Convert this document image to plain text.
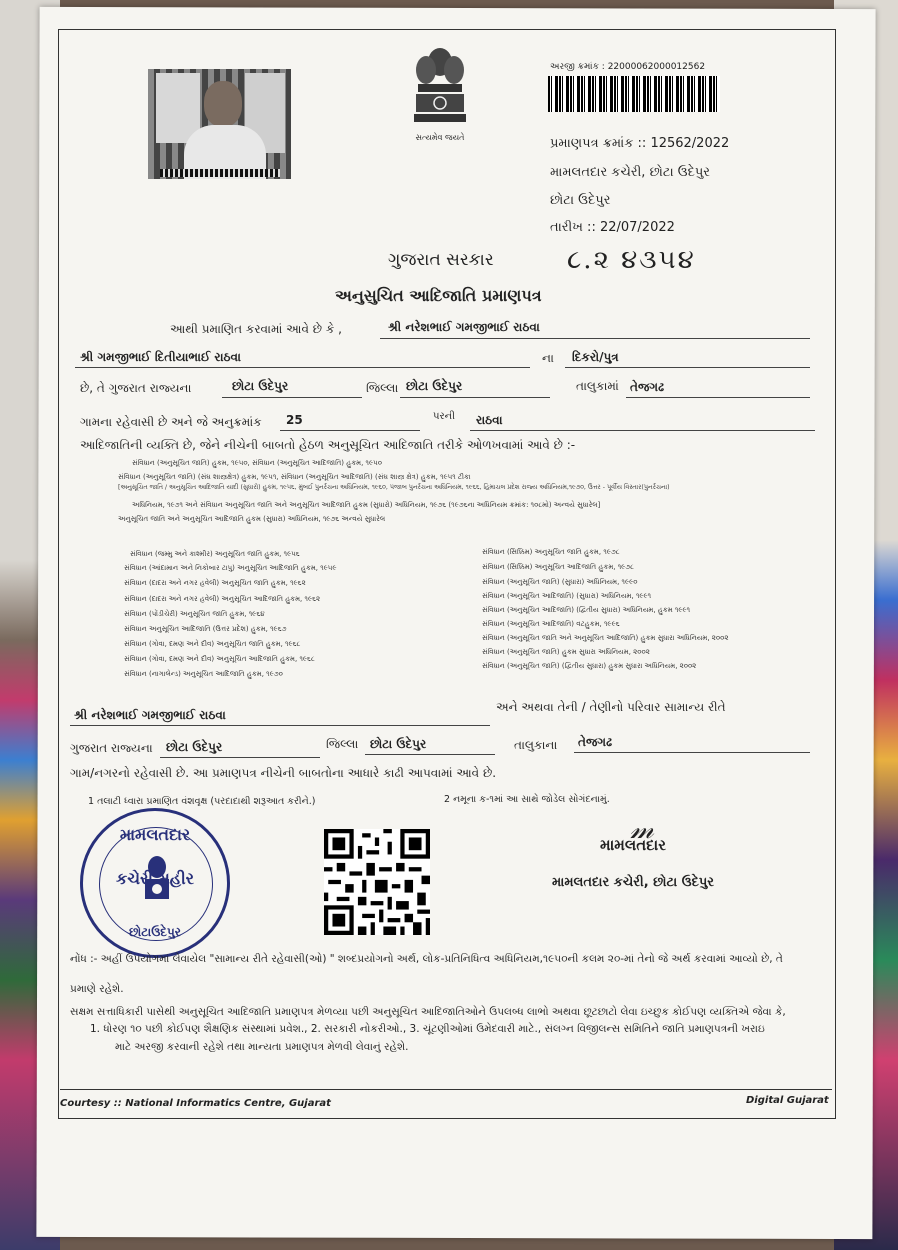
સત્યમેવ જયતે
અરજી ક્રમાંક : 22000062000012562
પ્રમાણપત્ર ક્રમાંક :: 12562/2022
મામલતદાર કચેરી, છોટા ઉદેપુર
છોટા ઉદેપુર
તારીખ :: 22/07/2022
ગુજરાત સરકાર	૮.૨ ૪૩૫૪
અનુસુચિત આદિજાતિ પ્રમાણપત્ર
આથી પ્રમાણિત કરવામાં આવે છે કે ,	શ્રી નરેશભાઈ ગમજીભાઈ રાઠવા
શ્રી ગમજીભાઈ દિતીયાભાઈ રાઠવા	ના દિકરો/પુત્ર
છે, તે ગુજરાત રાજ્યના	છોટા ઉદેપુર	જિલ્લા છોટા ઉદેપુર	તાલુકામાં તેજગઢ
ગામના રહેવાસી છે અને જે અનુક્રમાંક 25	પરની રાઠવા
આદિજાતિની વ્યક્તિ છે, જેને નીચેની બાબતો હેઠળ અનુસૂચિત આદિજાતિ તરીકે ઓળખવામાં આવે છે :-
સંવિધાન (અનુસૂચિત જાતિ) હુકમ, ૧૯૫૦, સંવિધાન (અનુસૂચિત આદિજાતિ) હુકમ, ૧૯૫૦
સંવિધાન (અનુસૂચિત જાતિ) (સંઘ શાસ્ત્રક્ષેત્ર) હુકમ, ૧૯૫૧, સંવિધાન (અનુસૂચિત આદિજાતિ) (સંઘ શાસ્ત્ર ક્ષેત્ર) હુકમ, ૧૯૫૧ ટીકા
[અનુસૂચિત જાતિ / અનુસૂચિત આદિજાતિ યાદી (સુધારો) હુકમ, ૧૯૫૬, મુંબઈ પુનર્રચના અધિનિયમ, ૧૯૬૦, પંજાબ પુનર્રચના અધિનિયમ, ૧૯૬૬, હિમાચલ પ્રદેશ રાજ્ય અધિનિયમ,૧૯૭૦, ઉત્તર - પૂર્વીય વિસ્તાર(પુનર્રચના)
અધિનિયમ, ૧૯૭૧ અને સંવિધાન અનુસૂચિત જાતિ અને અનુસૂચિત આદિજાતિ હુકમ (સુધારો) અધિનિયમ, ૧૯૭૬ (૧૯૭૬ના અધિનિયમ ક્રમાંક: ૧૦૮મો) અન્વયે સુધારેલ]
અનુસૂચિત જાતિ અને અનુસૂચિત આદિજાતિ હુકમ (સુધારા) અધિનિયમ, ૧૯૭૬ અન્વયે સુધારેલ
સંવિધાન (જમ્મુ અને કાશ્મીર) અનુસૂચિત જાતિ હુકમ, ૧૯૫૬
સંવિધાન (આંદામાન અને નિકોબાર ટાપુ) અનુસૂચિત આદિજાતિ હુકમ, ૧૯૫૯
સંવિધાન (દાદરા અને નગર હવેલી) અનુસૂચિત જાતિ હુકમ, ૧૯૬૨
સંવિધાન (દાદરા અને નગર હવેલી) અનુસૂચિત આદિજાતિ હુકમ, ૧૯૬૨
સંવિધાન (પોંડીચેરી) અનુસૂચિત જાતિ હુકમ, ૧૯૬૪
સંવિધાન અનુસૂચિત આદિજાતિ (ઉત્તર પ્રદેશ) હુકમ, ૧૯૬૭
સંવિધાન (ગોવા, દમણ અને દીવ) અનુસૂચિત જાતિ હુકમ, ૧૯૬૮
સંવિધાન (ગોવા, દમણ અને દીવ) અનુસૂચિત આદિજાતિ હુકમ, ૧૯૬૮
સંવિધાન (નાગાલેન્ડ) અનુસૂચિત આદિજાતિ હુકમ, ૧૯૭૦
સંવિધાન (સિક્કિમ) અનુસૂચિત જાતિ હુકમ, ૧૯૭૮
સંવિધાન (સિક્કિમ) અનુસૂચિત આદિજાતિ હુકમ, ૧૯૭૮
સંવિધાન (અનુસૂચિત જાતિ) (સુધારા) અધિનિયમ, ૧૯૯૦
સંવિધાન (અનુસૂચિત આદિજાતિ) (સુધારા) અધિનિયમ, ૧૯૯૧
સંવિધાન (અનુસૂચિત આદિજાતિ) (દ્વિતીય સુધારા) અધિનિયમ, હુકમ ૧૯૯૧
સંવિધાન (અનુસૂચિત આદિજાતિ) વટહુકમ, ૧૯૯૬
સંવિધાન (અનુસૂચિત જાતિ અને અનુસૂચિત આદિજાતિ) હુકમ સુધારા અધિનિયમ, ૨૦૦૨
સંવિધાન (અનુસૂચિત જાતિ) હુકમ સુધારા અધિનિયમ, ૨૦૦૨
સંવિધાન (અનુસૂચિત જાતિ) (દ્વિતીય સુધારા) હુકમ સુધારા અધિનિયમ, ૨૦૦૨
શ્રી નરેશભાઈ ગમજીભાઈ રાઠવા
અને અથવા તેની / તેણીનો પરિવાર સામાન્ય રીતે
ગુજરાત રાજ્યના છોટા ઉદેપુર	જિલ્લા છોટા ઉદેપુર	તાલુકાના તેજગઢ
ગામ/નગરનો રહેવાસી છે. આ પ્રમાણપત્ર નીચેની બાબતોના આધારે કાઢી આપવામાં આવે છે.
1 તલાટી ધ્વારા પ્રમાણિત વંશવૃક્ષ (પરદાદાથી શરૂઆત કરીને.)	2 નમૂના ક-૧માં આ સાથે જોડેલ સોગંદનામું.
મામલતદાર
કચેરી મહીર
છોટાઉદેપુર
𝓂
મામલતદાર
મામલતદાર કચેરી, છોટા ઉદેપુર
નોંધ :- અહીં ઉપયોગમાં લેવાયેલ "સામાન્ય રીતે રહેવાસી(ઓ) " શબ્દપ્રયોગનો અર્થ, લોક-પ્રતિનિધિત્વ અધિનિયમ,૧૯૫૦ની કલમ ૨૦-માં તેનો જે અર્થ કરવામાં આવ્યો છે, તે
પ્રમાણે રહેશે.
સક્ષમ સત્તાધિકારી પાસેથી અનુસૂચિત આદિજાતિ પ્રમાણપત્ર મેળવ્યા પછી અનુસૂચિત આદિજાતિઓને ઉપલબ્ધ લાભો અથવા છૂટછાટો લેવા ઇચ્છુક કોઈપણ વ્યક્તિએ જેવા કે,
1. ધોરણ ૧૦ પછી કોઈપણ શૈક્ષણિક સંસ્થામાં પ્રવેશ., 2. સરકારી નોકરીઓ., 3. ચૂંટણીઓમાં ઉમેદવારી માટે., સંલગ્ન વિજીલન્સ સમિતિને જાતિ પ્રમાણપત્રની ખરાઇ
માટે અરજી કરવાની રહેશે તથા માન્યતા પ્રમાણપત્ર મેળવી લેવાનું રહેશે.
Courtesy :: National Informatics Centre, Gujarat	Digital Gujarat
